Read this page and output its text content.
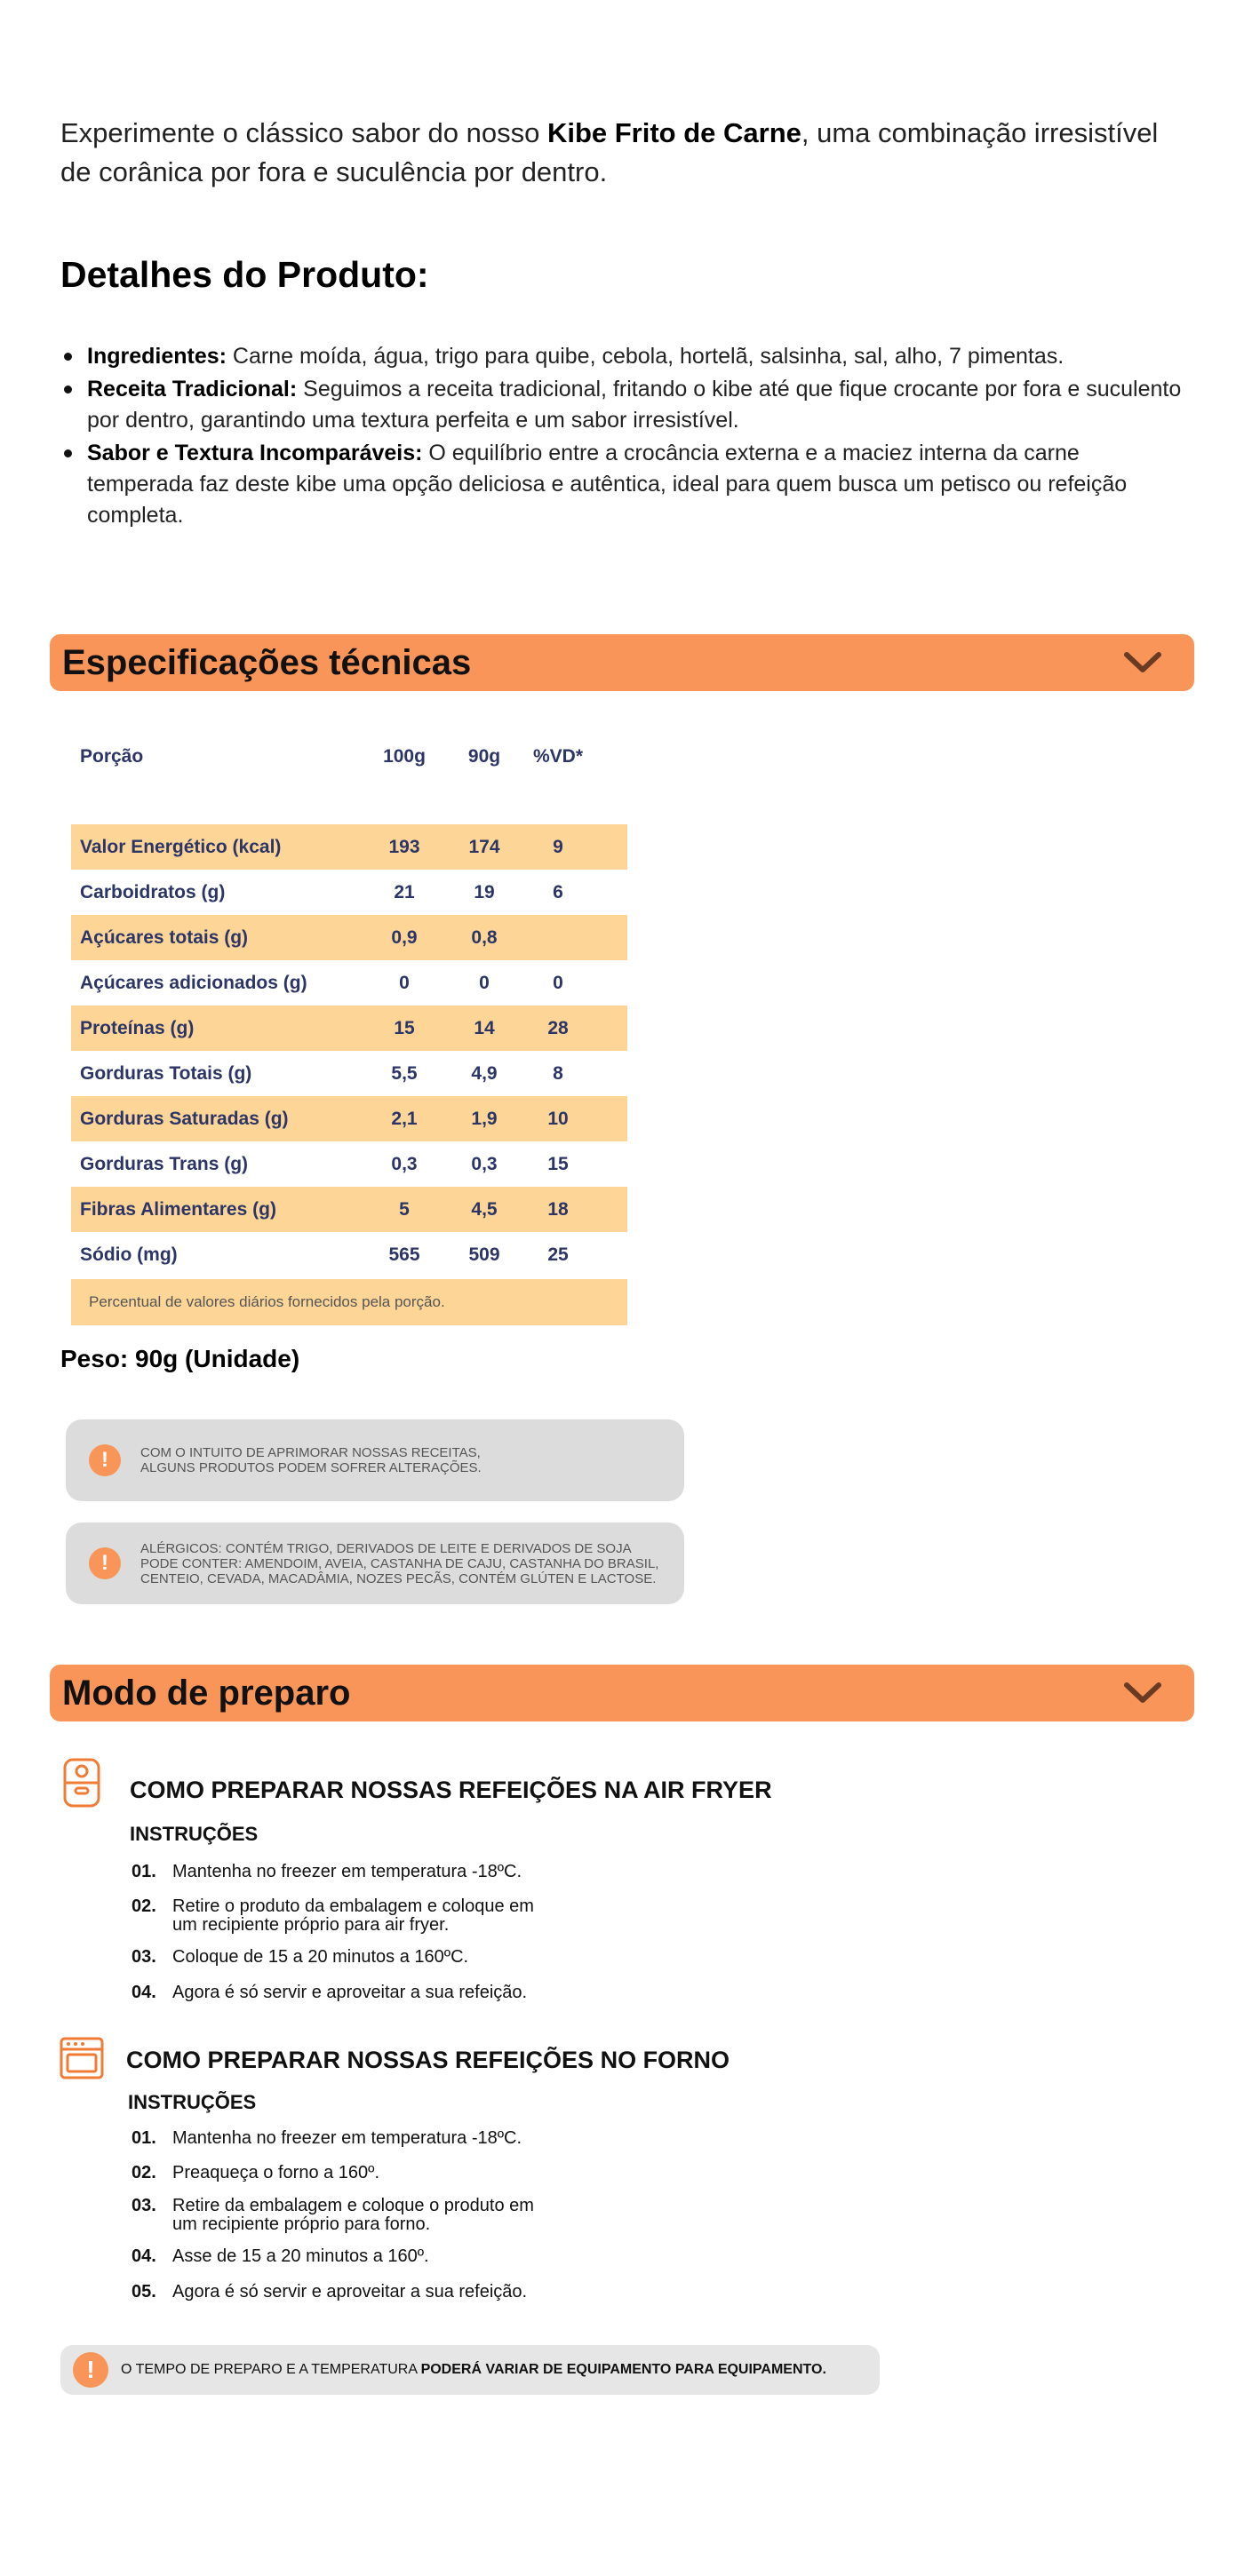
Experimente o clássico sabor do nosso Kibe Frito de Carne, uma combinação irresistível de corânica por fora e suculência por dentro.

Detalhes do Produto:
Ingredientes: Carne moída, água, trigo para quibe, cebola, hortelã, salsinha, sal, alho, 7 pimentas.
Receita Tradicional: Seguimos a receita tradicional, fritando o kibe até que fique crocante por fora e suculento por dentro, garantindo uma textura perfeita e um sabor irresistível.
Sabor e Textura Incomparáveis: O equilíbrio entre a crocância externa e a maciez interna da carne temperada faz deste kibe uma opção deliciosa e autêntica, ideal para quem busca um petisco ou refeição completa.
Especificações técnicas
Porção	100g	90g	%VD*
Valor Energético (kcal)	193	174	9
Carboidratos (g)	21	19	6
Açúcares totais (g)	0,9	0,8
Açúcares adicionados (g)	0	0	0
Proteínas (g)	15	14	28
Gorduras Totais (g)	5,5	4,9	8
Gorduras Saturadas (g)	2,1	1,9	10
Gorduras Trans (g)	0,3	0,3	15
Fibras Alimentares (g)	5	4,5	18
Sódio (mg)	565	509	25
Percentual de valores diários fornecidos pela porção.
Peso: 90g (Unidade)
!	COM O INTUITO DE APRIMORAR NOSSAS RECEITAS,
ALGUNS PRODUTOS PODEM SOFRER ALTERAÇÕES.
!
ALÉRGICOS: CONTÉM TRIGO, DERIVADOS DE LEITE E DERIVADOS DE SOJA
PODE CONTER: AMENDOIM, AVEIA, CASTANHA DE CAJU, CASTANHA DO BRASIL,
CENTEIO, CEVADA, MACADÂMIA, NOZES PECÃS, CONTÉM GLÚTEN E LACTOSE.
Modo de preparo
COMO PREPARAR NOSSAS REFEIÇÕES NA AIR FRYER
INSTRUÇÕES
01. Mantenha no freezer em temperatura -18ºC.
02. Retire o produto da embalagem e coloque em
um recipiente próprio para air fryer.
03. Coloque de 15 a 20 minutos a 160ºC.
04. Agora é só servir e aproveitar a sua refeição.
COMO PREPARAR NOSSAS REFEIÇÕES NO FORNO
INSTRUÇÕES
01. Mantenha no freezer em temperatura -18ºC.
02. Preaqueça o forno a 160º.
03. Retire da embalagem e coloque o produto em
um recipiente próprio para forno.
04. Asse de 15 a 20 minutos a 160º.
05. Agora é só servir e aproveitar a sua refeição.
!	O TEMPO DE PREPARO E A TEMPERATURA PODERÁ VARIAR DE EQUIPAMENTO PARA EQUIPAMENTO.
